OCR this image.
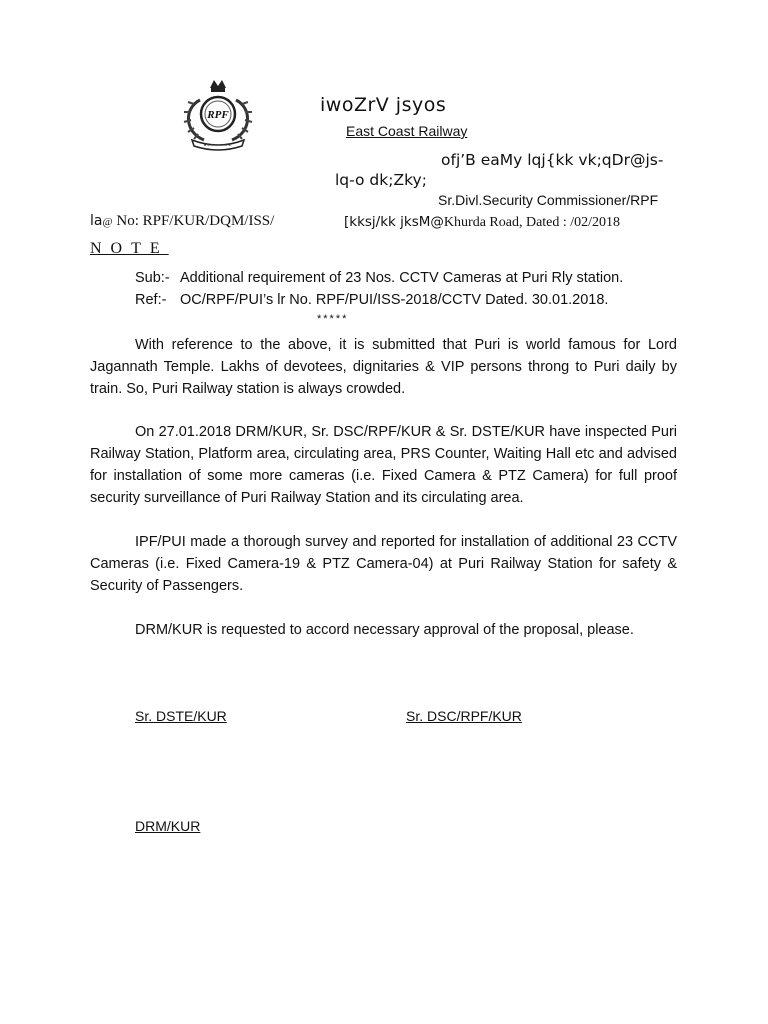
RPF	iwoZrV jsyos
East Coast Railway
ofj’B eaMy lqj{kk vk;qDr@js-
lq-o dk;Zky;
Sr.Divl.Security Commissioner/RPF
la@ No: RPF/KUR/DQM/ISS/	[kksj/kk jksM@Khurda Road, Dated : /02/2018
NOTE
Sub:- Additional requirement of 23 Nos. CCTV Cameras at Puri Rly station.
Ref:- OC/RPF/PUI’s lr No. RPF/PUI/ISS-2018/CCTV Dated. 30.01.2018.
*****
With reference to the above, it is submitted that Puri is world famous for Lord Jagannath Temple. Lakhs of devotees, dignitaries & VIP persons throng to Puri daily by train. So, Puri Railway station is always crowded.
On 27.01.2018 DRM/KUR, Sr. DSC/RPF/KUR & Sr. DSTE/KUR have inspected Puri Railway Station, Platform area, circulating area, PRS Counter, Waiting Hall etc and advised for installation of some more cameras (i.e. Fixed Camera & PTZ Camera) for full proof security surveillance of Puri Railway Station and its circulating area.
IPF/PUI made a thorough survey and reported for installation of additional 23 CCTV Cameras (i.e. Fixed Camera-19 & PTZ Camera-04) at Puri Railway Station for safety & Security of Passengers.
DRM/KUR is requested to accord necessary approval of the proposal, please.
Sr. DSTE/KUR	Sr. DSC/RPF/KUR
DRM/KUR
